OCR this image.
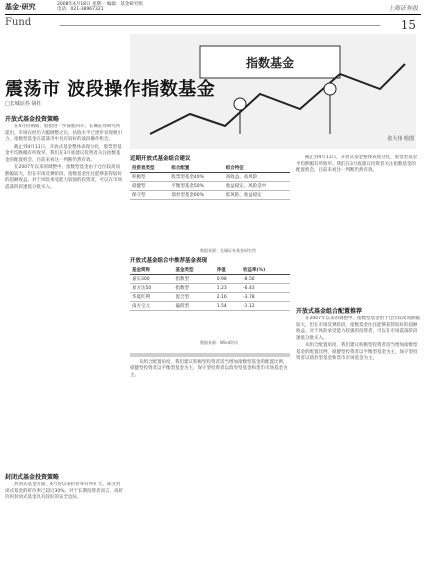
基金·研究	2008年4月18日 星期一 编辑：基金研究组
电话：021-38967321	上海证券报
Fund	15
指数基金
张大伟 绘图
震荡市 波段操作指数基金
□长城证券 胡杜
开放式基金投资策略

在4月份期间，股指进一步探底回升。长城证券研究所提出，市场在经历大幅调整之后，估值水平已逐步显现吸引力，指数型基金在震荡市中具有较好的波段操作机会。

截止到4月11日，开放式基金整体表现分化，股票型基金平均跌幅有所收窄。我们在3月底建议投资者关注指数基金的配置机会，目前来看这一判断仍然有效。

在2007年以来的调整中，指数型基金由于仓位较高而跌幅较大，但在市场反弹阶段，指数基金往往能够获得较好的超额收益。对于风险承受能力较强的投资者，可以在市场震荡阶段逢低分批买入。

封闭式基金投资策略

封闭式基金方面，4月份以来折价率有所扩大，部分封闭式基金的折价率已超过30%。对于长期投资者而言，高折价的封闭式基金具有较好的安全边际。

近期开放式基金组合建议
投资者类型	组合配置	组合特征
积极型	股票型基金40%	高收益、高风险
稳健型	平衡型基金50%	收益稳定、风险适中
保守型	债券型基金60%	低风险、收益稳定
数据来源：长城证券基金研究所
开放式基金组合中推荐基金表现
基金简称	基金类型	净值	收益率(%)
嘉实300	指数型	0.98	-8.56
易方达50	指数型	1.23	-6.43
华夏红利	混合型	2.16	-3.78
南方宝元	偏债型	1.54	-1.12
数据来源：Wind资讯

从组合配置角度，我们建议积极型投资者适当增加指数型基金的配置比例，稳健型投资者以平衡型基金为主，保守型投资者以债券型基金和货币市场基金为主。

截止到4月11日，开放式基金整体表现分化，股票型基金平均跌幅有所收窄。我们在3月底建议投资者关注指数基金的配置机会，目前来看这一判断仍然有效。

开放式基金组合配置推荐

在2007年以来的调整中，指数型基金由于仓位较高而跌幅较大，但在市场反弹阶段，指数基金往往能够获得较好的超额收益。对于风险承受能力较强的投资者，可以在市场震荡阶段逢低分批买入。

从组合配置角度，我们建议积极型投资者适当增加指数型基金的配置比例，稳健型投资者以平衡型基金为主，保守型投资者以债券型基金和货币市场基金为主。
